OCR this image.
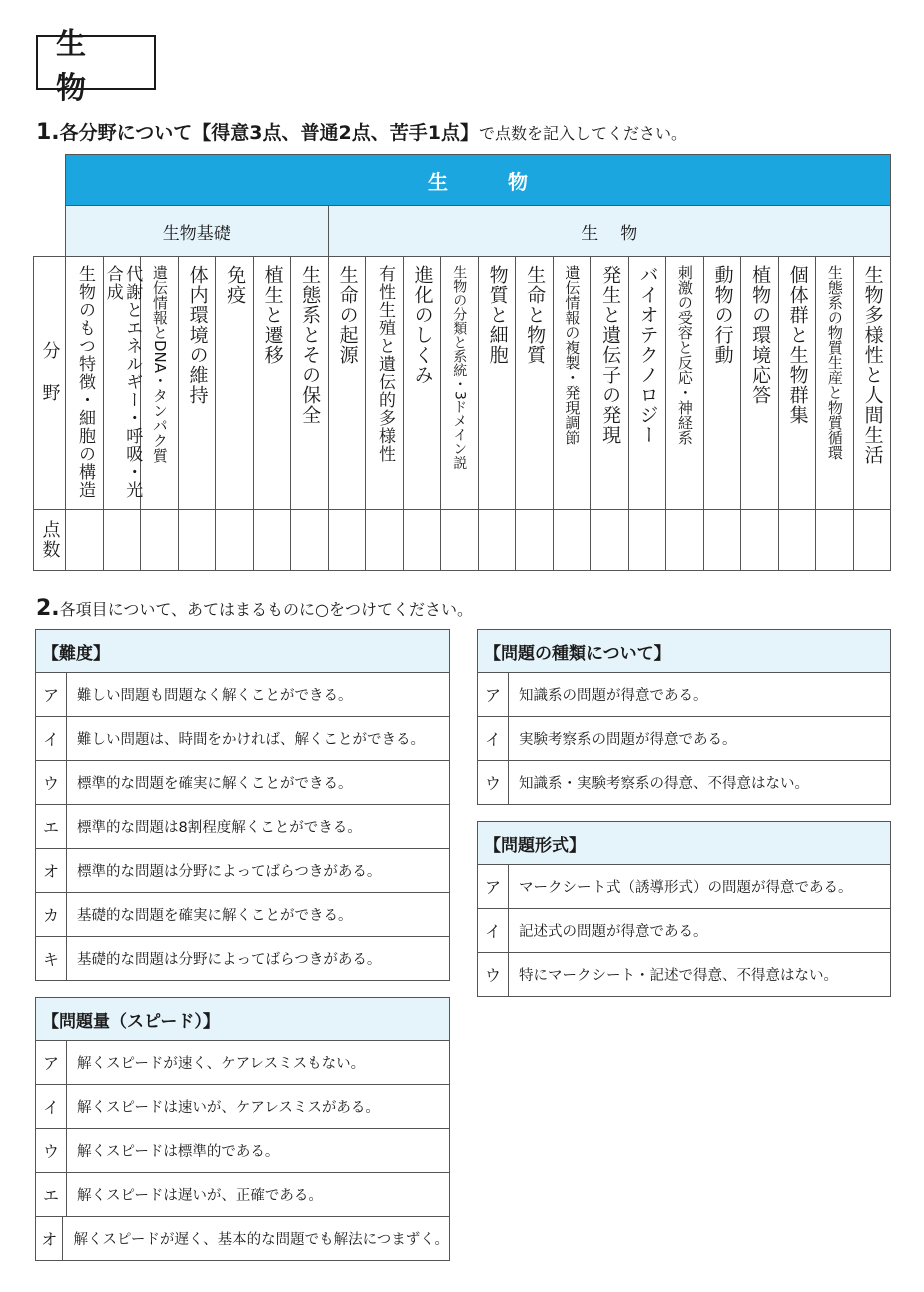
生　物
1.各分野について【得意3点、普通2点、苦手1点】で点数を記入してください。
	生物																					
	生物基礎							生物														

分野	生物のもつ特徴・細胞の構造	代謝とエネルギー・呼吸・光合成	遺伝情報とDNA・タンパク質	体内環境の維持	免疫	植生と遷移	生態系とその保全	生命の起源	有性生殖と遺伝的多様性	進化のしくみ	生物の分類と系統・3ドメイン説	物質と細胞	生命と物質	遺伝情報の複製・発現調節	発生と遺伝子の発現	バイオテクノロジー	刺激の受容と反応・神経系	動物の行動	植物の環境応答	個体群と生物群集	生態系の物質生産と物質循環	生物多様性と人間生活

点数																						

2.各項目について、あてはまるものに○をつけてください。
【難度】
ア	難しい問題も問題なく解くことができる。
イ	難しい問題は、時間をかければ、解くことができる。
ウ	標準的な問題を確実に解くことができる。
エ	標準的な問題は8割程度解くことができる。
オ	標準的な問題は分野によってばらつきがある。
カ	基礎的な問題を確実に解くことができる。
キ	基礎的な問題は分野によってばらつきがある。
【問題量（スピード）】
ア	解くスピードが速く、ケアレスミスもない。
イ	解くスピードは速いが、ケアレスミスがある。
ウ	解くスピードは標準的である。
エ	解くスピードは遅いが、正確である。
オ	解くスピードが遅く、基本的な問題でも解法につまずく。
【問題の種類について】
ア	知識系の問題が得意である。
イ	実験考察系の問題が得意である。
ウ	知識系・実験考察系の得意、不得意はない。
【問題形式】
ア	マークシート式（誘導形式）の問題が得意である。
イ	記述式の問題が得意である。
ウ	特にマークシート・記述で得意、不得意はない。
